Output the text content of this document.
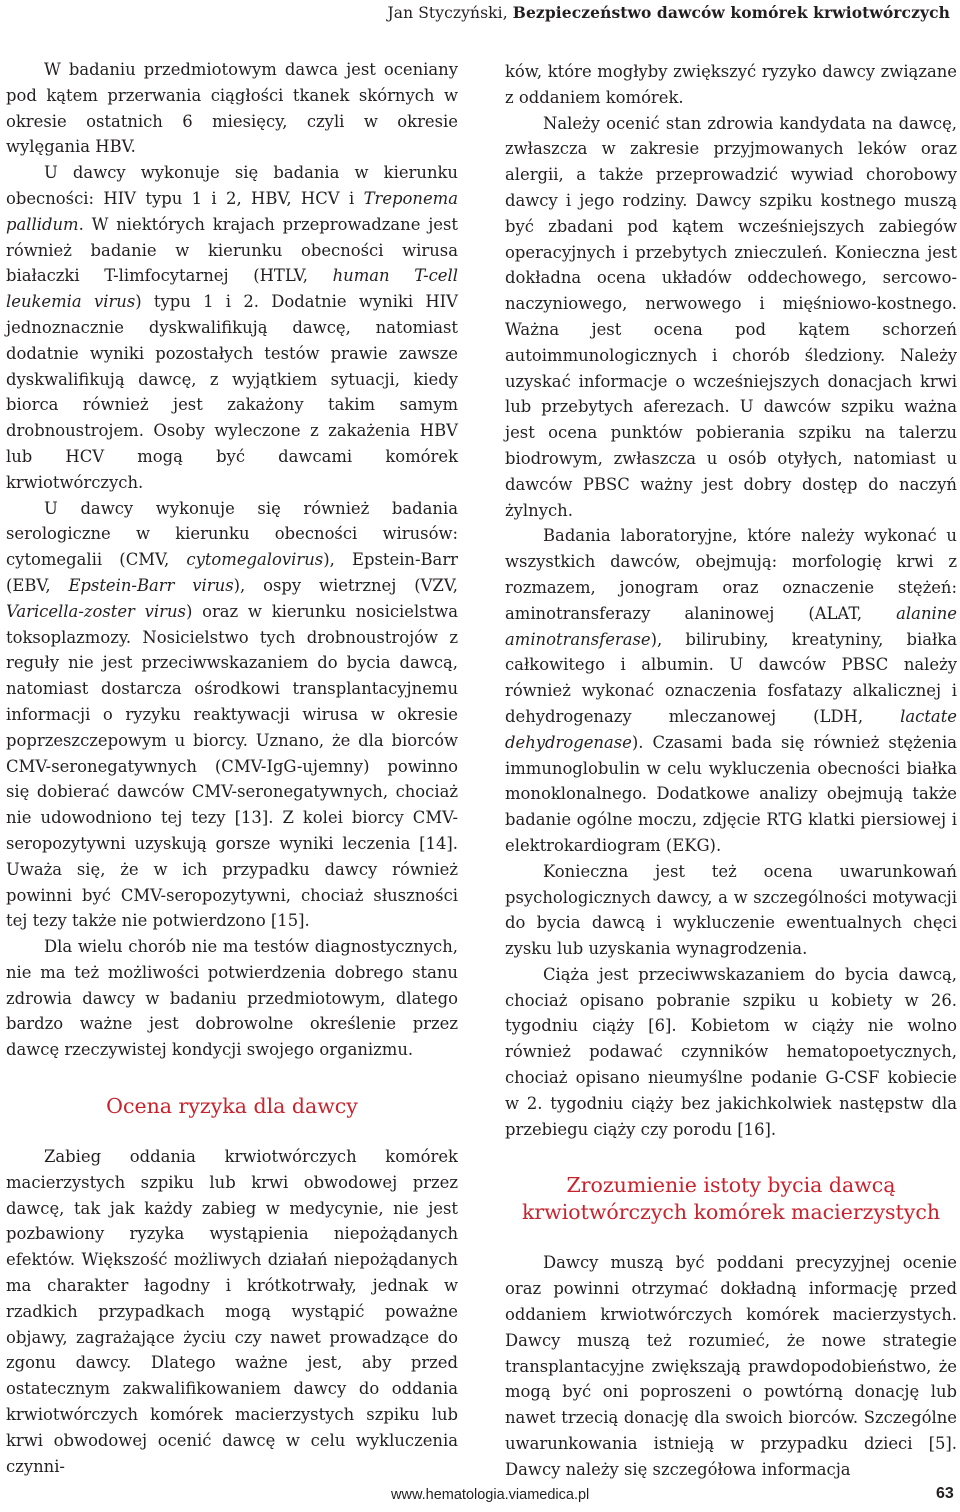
Jan Styczyński, Bezpieczeństwo dawców komórek krwiotwórczych

W badaniu przedmiotowym dawca jest oceniany pod kątem przerwania ciągłości tkanek skórnych w okresie ostatnich 6 miesięcy, czyli w okresie wylęgania HBV.

U dawcy wykonuje się badania w kierunku obecności: HIV typu 1 i 2, HBV, HCV i Treponema pallidum. W niektórych krajach przeprowadzane jest również badanie w kierunku obecności wirusa białaczki T-limfocytarnej (HTLV, human T-cell leukemia virus) typu 1 i 2. Dodatnie wyniki HIV jednoznacznie dyskwalifikują dawcę, natomiast dodatnie wyniki pozostałych testów prawie zawsze dyskwalifikują dawcę, z wyjątkiem sytuacji, kiedy biorca również jest zakażony takim samym drobnoustrojem. Osoby wyleczone z zakażenia HBV lub HCV mogą być dawcami komórek krwiotwórczych.

U dawcy wykonuje się również badania serologiczne w kierunku obecności wirusów: cytomegalii (CMV, cytomegalovirus), Epstein-Barr (EBV, Epstein-Barr virus), ospy wietrznej (VZV, Varicella-zoster virus) oraz w kierunku nosicielstwa toksoplazmozy. Nosicielstwo tych drobnoustrojów z reguły nie jest przeciwwskazaniem do bycia dawcą, natomiast dostarcza ośrodkowi transplantacyjnemu informacji o ryzyku reaktywacji wirusa w okresie poprzeszczepowym u biorcy. Uznano, że dla biorców CMV-seronegatywnych (CMV-IgG-ujemny) powinno się dobierać dawców CMV-seronegatywnych, chociaż nie udowodniono tej tezy [13]. Z kolei biorcy CMV-seropozytywni uzyskują gorsze wyniki leczenia [14]. Uważa się, że w ich przypadku dawcy również powinni być CMV-seropozytywni, chociaż słuszności tej tezy także nie potwierdzono [15].

Dla wielu chorób nie ma testów diagnostycznych, nie ma też możliwości potwierdzenia dobrego stanu zdrowia dawcy w badaniu przedmiotowym, dlatego bardzo ważne jest dobrowolne określenie przez dawcę rzeczywistej kondycji swojego organizmu.

Ocena ryzyka dla dawcy

Zabieg oddania krwiotwórczych komórek macierzystych szpiku lub krwi obwodowej przez dawcę, tak jak każdy zabieg w medycynie, nie jest pozbawiony ryzyka wystąpienia niepożądanych efektów. Większość możliwych działań niepożądanych ma charakter łagodny i krótkotrwały, jednak w rzadkich przypadkach mogą wystąpić poważne objawy, zagrażające życiu czy nawet prowadzące do zgonu dawcy. Dlatego ważne jest, aby przed ostatecznym zakwalifikowaniem dawcy do oddania krwiotwórczych komórek macierzystych szpiku lub krwi obwodowej ocenić dawcę w celu wykluczenia czynni-

ków, które mogłyby zwiększyć ryzyko dawcy związane z oddaniem komórek.

Należy ocenić stan zdrowia kandydata na dawcę, zwłaszcza w zakresie przyjmowanych leków oraz alergii, a także przeprowadzić wywiad chorobowy dawcy i jego rodziny. Dawcy szpiku kostnego muszą być zbadani pod kątem wcześniejszych zabiegów operacyjnych i przebytych znieczuleń. Konieczna jest dokładna ocena układów oddechowego, sercowo-naczyniowego, nerwowego i mięśniowo-kostnego. Ważna jest ocena pod kątem schorzeń autoimmunologicznych i chorób śledziony. Należy uzyskać informacje o wcześniejszych donacjach krwi lub przebytych aferezach. U dawców szpiku ważna jest ocena punktów pobierania szpiku na talerzu biodrowym, zwłaszcza u osób otyłych, natomiast u dawców PBSC ważny jest dobry dostęp do naczyń żylnych.

Badania laboratoryjne, które należy wykonać u wszystkich dawców, obejmują: morfologię krwi z rozmazem, jonogram oraz oznaczenie stężeń: aminotransferazy alaninowej (ALAT, alanine aminotransferase), bilirubiny, kreatyniny, białka całkowitego i albumin. U dawców PBSC należy również wykonać oznaczenia fosfatazy alkalicznej i dehydrogenazy mleczanowej (LDH, lactate dehydrogenase). Czasami bada się również stężenia immunoglobulin w celu wykluczenia obecności białka monoklonalnego. Dodatkowe analizy obejmują także badanie ogólne moczu, zdjęcie RTG klatki piersiowej i elektrokardiogram (EKG).

Konieczna jest też ocena uwarunkowań psychologicznych dawcy, a w szczególności motywacji do bycia dawcą i wykluczenie ewentualnych chęci zysku lub uzyskania wynagrodzenia.

Ciąża jest przeciwwskazaniem do bycia dawcą, chociaż opisano pobranie szpiku u kobiety w 26. tygodniu ciąży [6]. Kobietom w ciąży nie wolno również podawać czynników hematopoetycznych, chociaż opisano nieumyślne podanie G-CSF kobiecie w 2. tygodniu ciąży bez jakichkolwiek następstw dla przebiegu ciąży czy porodu [16].

Zrozumienie istoty bycia dawcą
krwiotwórczych komórek macierzystych

Dawcy muszą być poddani precyzyjnej ocenie oraz powinni otrzymać dokładną informację przed oddaniem krwiotwórczych komórek macierzystych. Dawcy muszą też rozumieć, że nowe strategie transplantacyjne zwiększają prawdopodobieństwo, że mogą być oni poproszeni o powtórną donację lub nawet trzecią donację dla swoich biorców. Szczególne uwarunkowania istnieją w przypadku dzieci [5]. Dawcy należy się szczegółowa informacja

www.hematologia.viamedica.pl	63
